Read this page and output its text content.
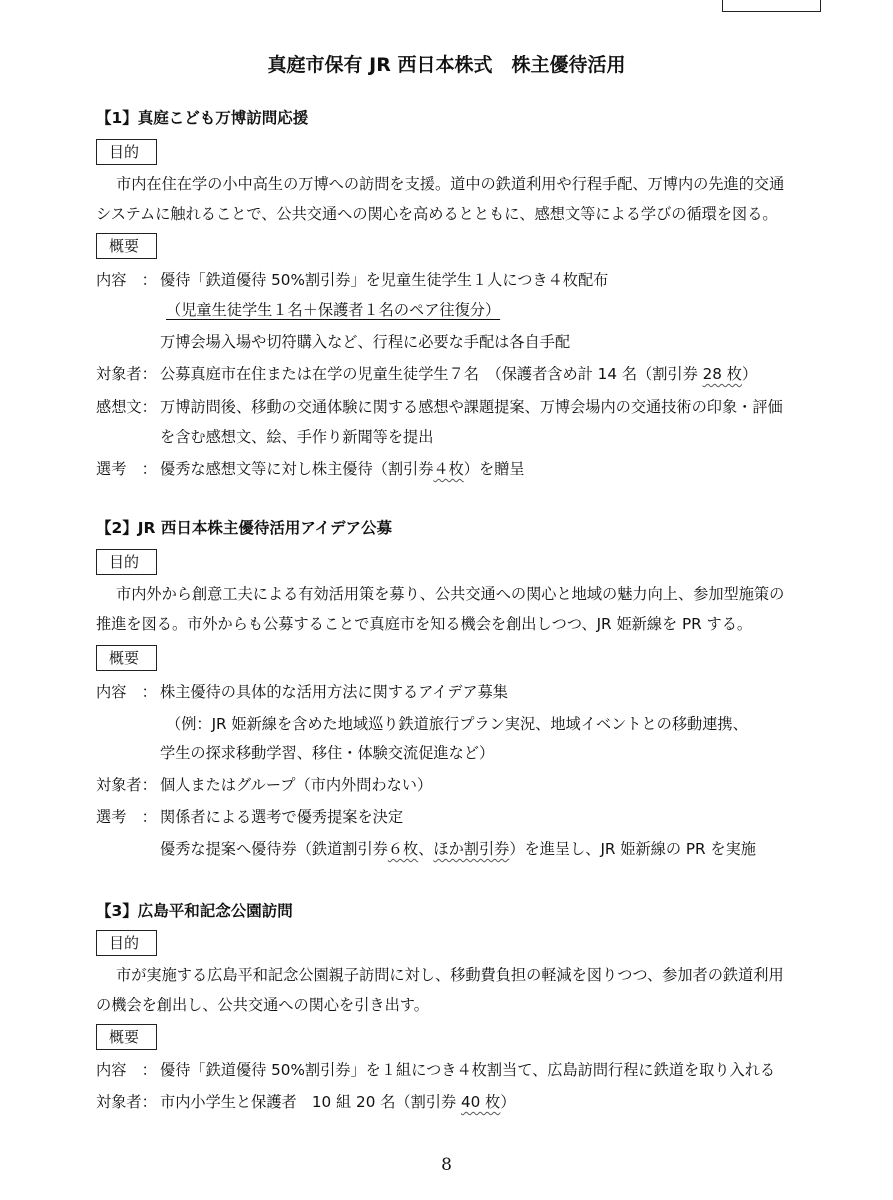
真庭市保有 JR 西日本株式　株主優待活用
【1】真庭こども万博訪問応援
目的
市内在住在学の小中高生の万博への訪問を支援。道中の鉄道利用や行程手配、万博内の先進的交通
システムに触れることで、公共交通への関心を高めるとともに、感想文等による学びの循環を図る。
概要
内容　： 優待「鉄道優待 50%割引券」を児童生徒学生１人につき４枚配布
（児童生徒学生１名＋保護者１名のペア往復分）
万博会場入場や切符購入など、行程に必要な手配は各自手配
対象者： 公募真庭市在住または在学の児童生徒学生７名　（保護者含め計 14 名（割引券 28 枚）
感想文： 万博訪問後、移動の交通体験に関する感想や課題提案、万博会場内の交通技術の印象・評価
を含む感想文、絵、手作り新聞等を提出
選考　： 優秀な感想文等に対し株主優待（割引券４枚）を贈呈
【2】JR 西日本株主優待活用アイデア公募
目的
市内外から創意工夫による有効活用策を募り、公共交通への関心と地域の魅力向上、参加型施策の
推進を図る。市外からも公募することで真庭市を知る機会を創出しつつ、JR 姫新線を PR する。
概要
内容　： 株主優待の具体的な活用方法に関するアイデア募集
（例：JR 姫新線を含めた地域巡り鉄道旅行プラン実況、地域イベントとの移動連携、
学生の探求移動学習、移住・体験交流促進など）
対象者： 個人またはグループ（市内外問わない）
選考　： 関係者による選考で優秀提案を決定
優秀な提案へ優待券（鉄道割引券６枚、ほか割引券）を進呈し、JR 姫新線の PR を実施
【3】広島平和記念公園訪問
目的
市が実施する広島平和記念公園親子訪問に対し、移動費負担の軽減を図りつつ、参加者の鉄道利用
の機会を創出し、公共交通への関心を引き出す。
概要
内容　： 優待「鉄道優待 50%割引券」を１組につき４枚割当て、広島訪問行程に鉄道を取り入れる
対象者： 市内小学生と保護者　10 組 20 名（割引券 40 枚）
8
